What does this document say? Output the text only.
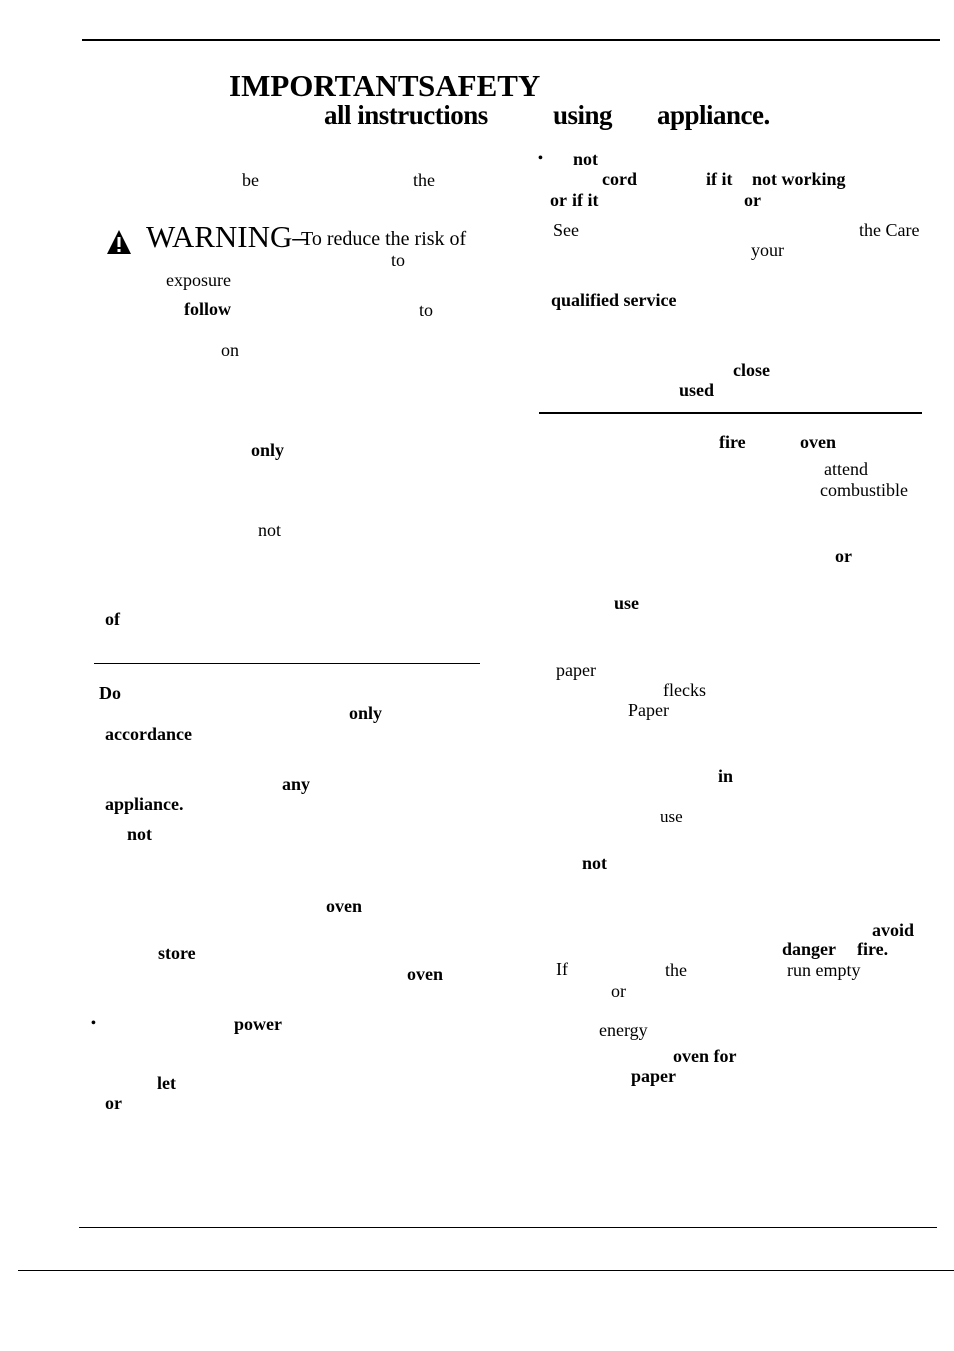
IMPORTANT SAFETY
all instructions using appliance.
WARNING–
To reduce the risk of
be	the
to
exposure
follow	to
on
only
not
of
Do
only
accordance
any
appliance.
not
oven
store
oven
•	power
let
or
• not
cord	if it not working
or if it	or
See	the Care
your
qualified service
close
used
fire	oven
attend
combustible
or
use
paper
flecks
Paper
in
use
not
avoid
danger fire.
If	the	run empty
or
energy
oven for
paper
